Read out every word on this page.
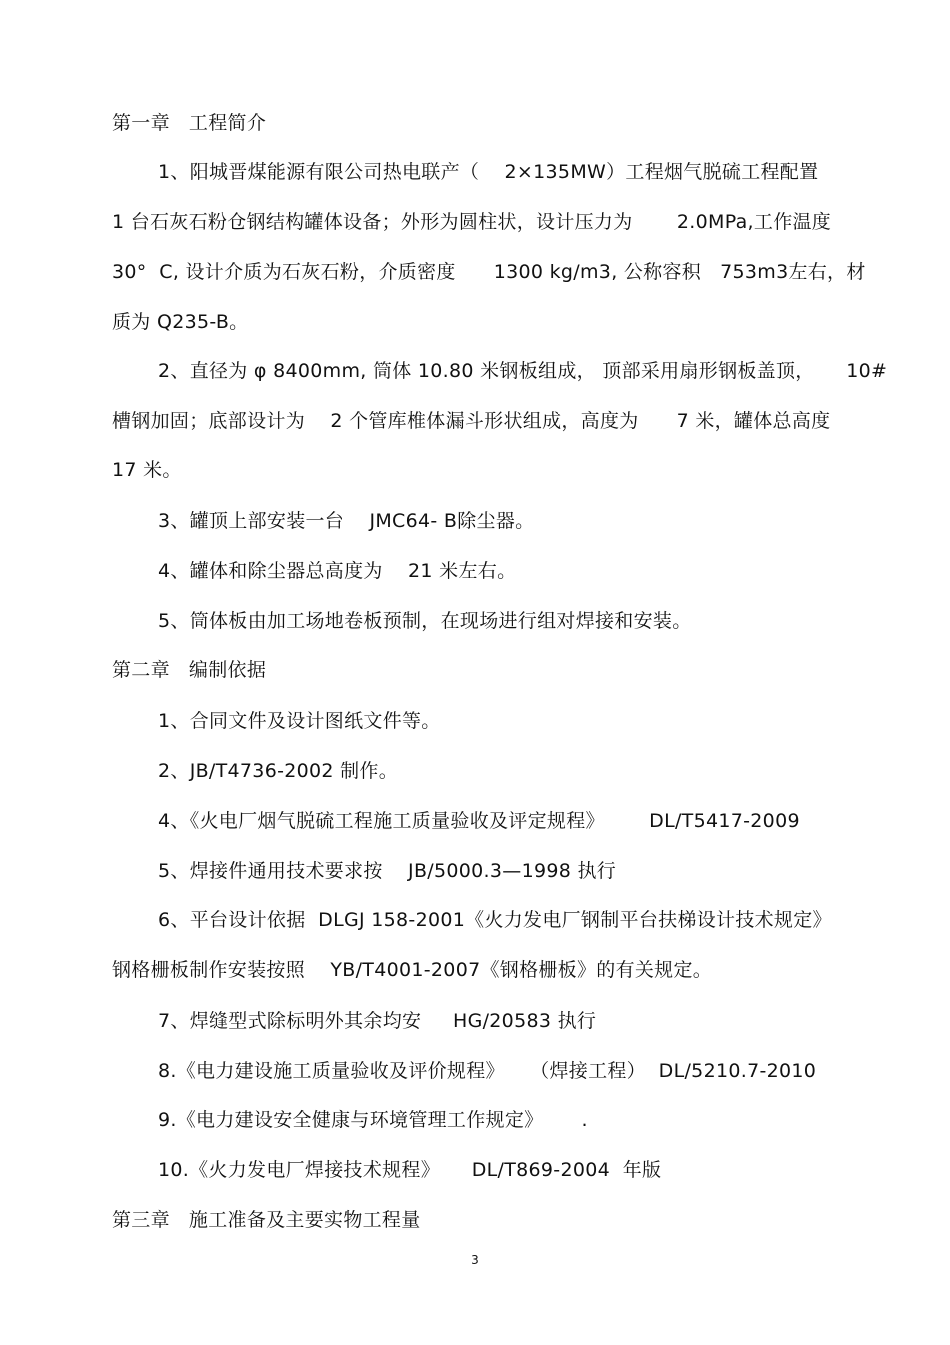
第一章   工程简介
1、阳城晋煤能源有限公司热电联产（    2×135MW）工程烟气脱硫工程配置
1 台石灰石粉仓钢结构罐体设备；外形为圆柱状，设计压力为       2.0MPa,工作温度
30°  C, 设计介质为石灰石粉，介质密度      1300 kg/m3, 公称容积   753m3左右，材
质为 Q235-B。
2、直径为 φ 8400mm, 筒体 10.80 米钢板组成， 顶部采用扇形钢板盖顶，     10#
槽钢加固；底部设计为    2 个管库椎体漏斗形状组成，高度为      7 米，罐体总高度
17 米。
3、罐顶上部安装一台    JMC64- B除尘器。
4、罐体和除尘器总高度为    21 米左右。
5、筒体板由加工场地卷板预制，在现场进行组对焊接和安装。
第二章   编制依据
1、合同文件及设计图纸文件等。
2、JB/T4736-2002 制作。
4、《火电厂烟气脱硫工程施工质量验收及评定规程》       DL/T5417-2009
5、焊接件通用技术要求按    JB/5000.3—1998 执行
6、平台设计依据  DLGJ 158-2001《火力发电厂钢制平台扶梯设计技术规定》
钢格栅板制作安装按照    YB/T4001-2007《钢格栅板》的有关规定。
7、焊缝型式除标明外其余均安     HG/20583 执行
8.《电力建设施工质量验收及评价规程》    （焊接工程）  DL/5210.7-2010
9.《电力建设安全健康与环境管理工作规定》      .
10.《火力发电厂焊接技术规程》     DL/T869-2004  年版
第三章   施工准备及主要实物工程量
3
